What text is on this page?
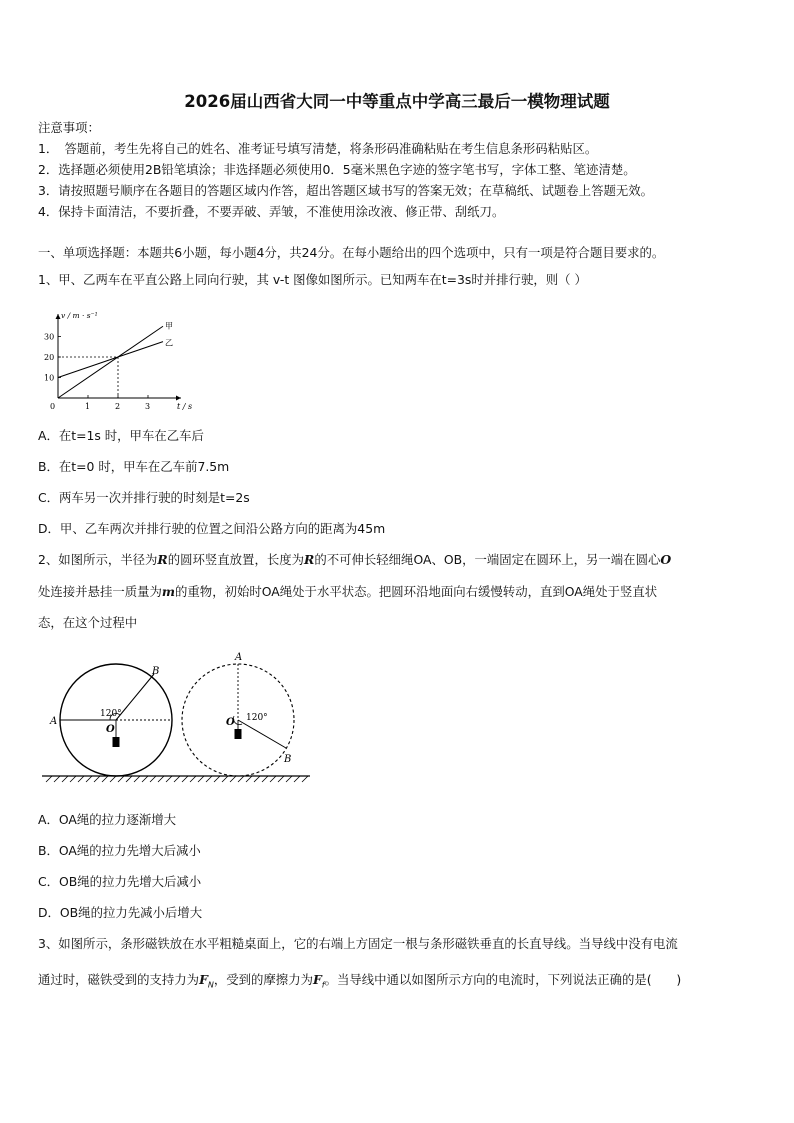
2026届山西省大同一中等重点中学高三最后一模物理试题
注意事项：
1．　答题前，考生先将自己的姓名、准考证号填写清楚，将条形码准确粘贴在考生信息条形码粘贴区。
2．选择题必须使用2B铅笔填涂；非选择题必须使用0．5毫米黑色字迹的签字笔书写，字体工整、笔迹清楚。
3．请按照题号顺序在各题目的答题区域内作答，超出答题区域书写的答案无效；在草稿纸、试题卷上答题无效。
4．保持卡面清洁，不要折叠，不要弄破、弄皱，不准使用涂改液、修正带、刮纸刀。
一、单项选择题：本题共6小题，每小题4分，共24分。在每小题给出的四个选项中，只有一项是符合题目要求的。
1、甲、乙两车在平直公路上同向行驶，其 v-t 图像如图所示。已知两车在t=3s时并排行驶，则（ ）
1	2	3
10
20
30
0
v / m · s⁻¹
t / s
甲
乙
A．在t=1s 时，甲车在乙车后
B．在t=0 时，甲车在乙车前7.5m
C．两车另一次并排行驶的时刻是t=2s
D．甲、乙车两次并排行驶的位置之间沿公路方向的距离为45m
2、如图所示，半径为R的圆环竖直放置，长度为R的不可伸长轻细绳OA、OB，一端固定在圆环上，另一端在圆心O
处连接并悬挂一质量为m的重物，初始时OA绳处于水平状态。把圆环沿地面向右缓慢转动，直到OA绳处于竖直状
态，在这个过程中
A
B
O
120°
A
B
O 120°
A．OA绳的拉力逐渐增大
B．OA绳的拉力先增大后减小
C．OB绳的拉力先增大后减小
D．OB绳的拉力先减小后增大
3、如图所示，条形磁铁放在水平粗糙桌面上，它的右端上方固定一根与条形磁铁垂直的长直导线。当导线中没有电流
通过时，磁铁受到的支持力为$F_N$，受到的摩擦力为$F_f$。当导线中通以如图所示方向的电流时，下列说法正确的是(　　)
